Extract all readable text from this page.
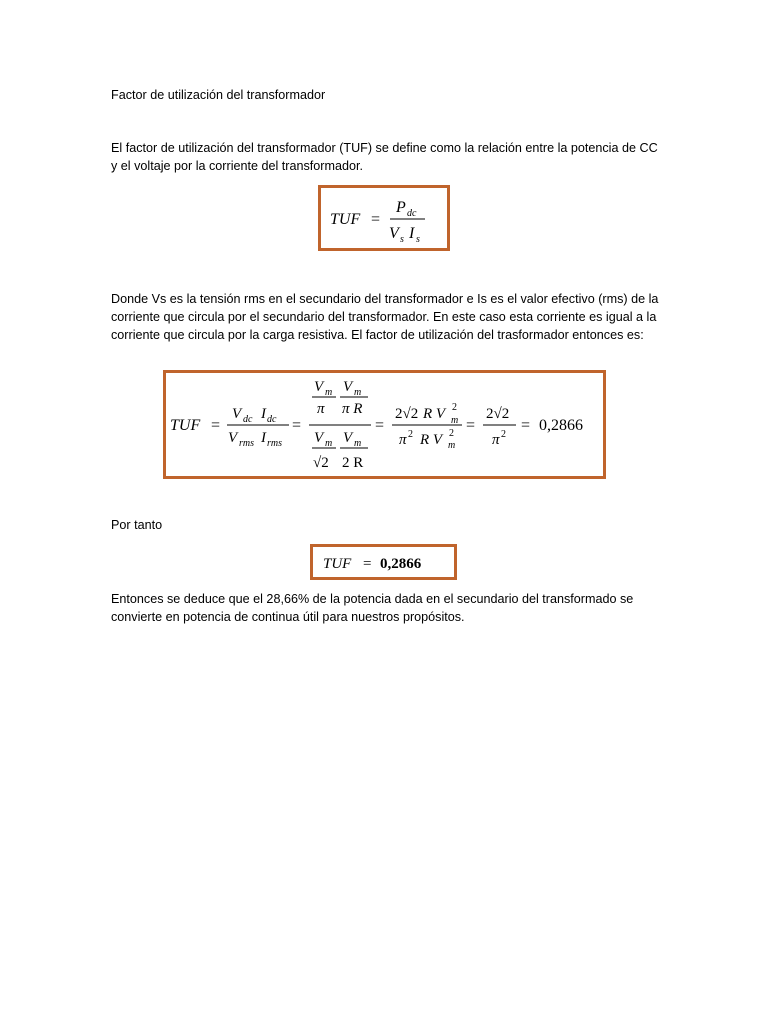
Factor de utilización del transformador

El factor de utilización del transformador (TUF) se define como la relación entre la potencia de CC y el voltaje por la corriente del transformador.

TUF =
P dc
V s I s

Donde Vs es la tensión rms en el secundario del transformador e Is es el valor efectivo (rms) de la corriente que circula por el secundario del transformador. En este caso esta corriente es igual a la corriente que circula por la carga resistiva. El factor de utilización del trasformador entonces es:

TUF =
V dc I dc
V rms I rms
=
V m
π
V m
π R
V m
√2
V m
2 R
=
2√2 R V m
2
π 2 R V m
2 =
2√2
π 2
= 0,2866

Por tanto

TUF = 0,2866

Entonces se deduce que el 28,66% de la potencia dada en el secundario del transformado se convierte en potencia de continua útil para nuestros propósitos.
